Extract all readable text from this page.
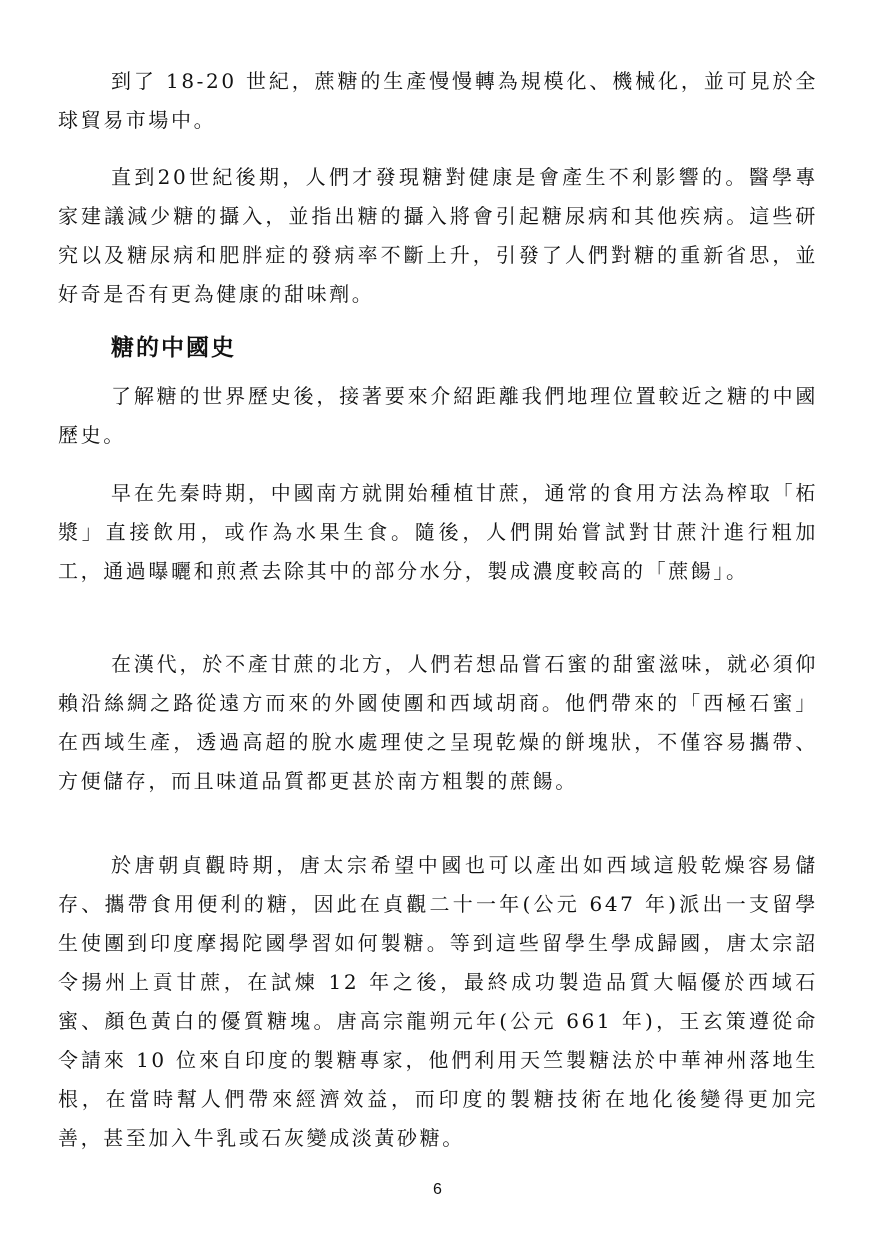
到了 18-20 世紀，蔗糖的生產慢慢轉為規模化、機械化，並可見於全球貿易市場中。

直到20世紀後期，人們才發現糖對健康是會產生不利影響的。醫學專家建議減少糖的攝入，並指出糖的攝入將會引起糖尿病和其他疾病。這些研究以及糖尿病和肥胖症的發病率不斷上升，引發了人們對糖的重新省思，並好奇是否有更為健康的甜味劑。

糖的中國史

了解糖的世界歷史後，接著要來介紹距離我們地理位置較近之糖的中國歷史。

早在先秦時期，中國南方就開始種植甘蔗，通常的食用方法為榨取「柘漿」直接飲用，或作為水果生食。隨後，人們開始嘗試對甘蔗汁進行粗加工，通過曝曬和煎煮去除其中的部分水分，製成濃度較高的「蔗餳」。

在漢代，於不產甘蔗的北方，人們若想品嘗石蜜的甜蜜滋味，就必須仰賴沿絲綢之路從遠方而來的外國使團和西域胡商。他們帶來的「西極石蜜」在西域生產，透過高超的脫水處理使之呈現乾燥的餅塊狀，不僅容易攜帶、方便儲存，而且味道品質都更甚於南方粗製的蔗餳。

於唐朝貞觀時期，唐太宗希望中國也可以產出如西域這般乾燥容易儲存、攜帶食用便利的糖，因此在貞觀二十一年(公元 647 年)派出一支留學生使團到印度摩揭陀國學習如何製糖。等到這些留學生學成歸國，唐太宗詔令揚州上貢甘蔗，在試煉 12 年之後，最終成功製造品質大幅優於西域石蜜、顏色黃白的優質糖塊。唐高宗龍朔元年(公元 661 年)，王玄策遵從命令請來 10 位來自印度的製糖專家，他們利用天竺製糖法於中華神州落地生根，在當時幫人們帶來經濟效益，而印度的製糖技術在地化後變得更加完善，甚至加入牛乳或石灰變成淡黃砂糖。

6
